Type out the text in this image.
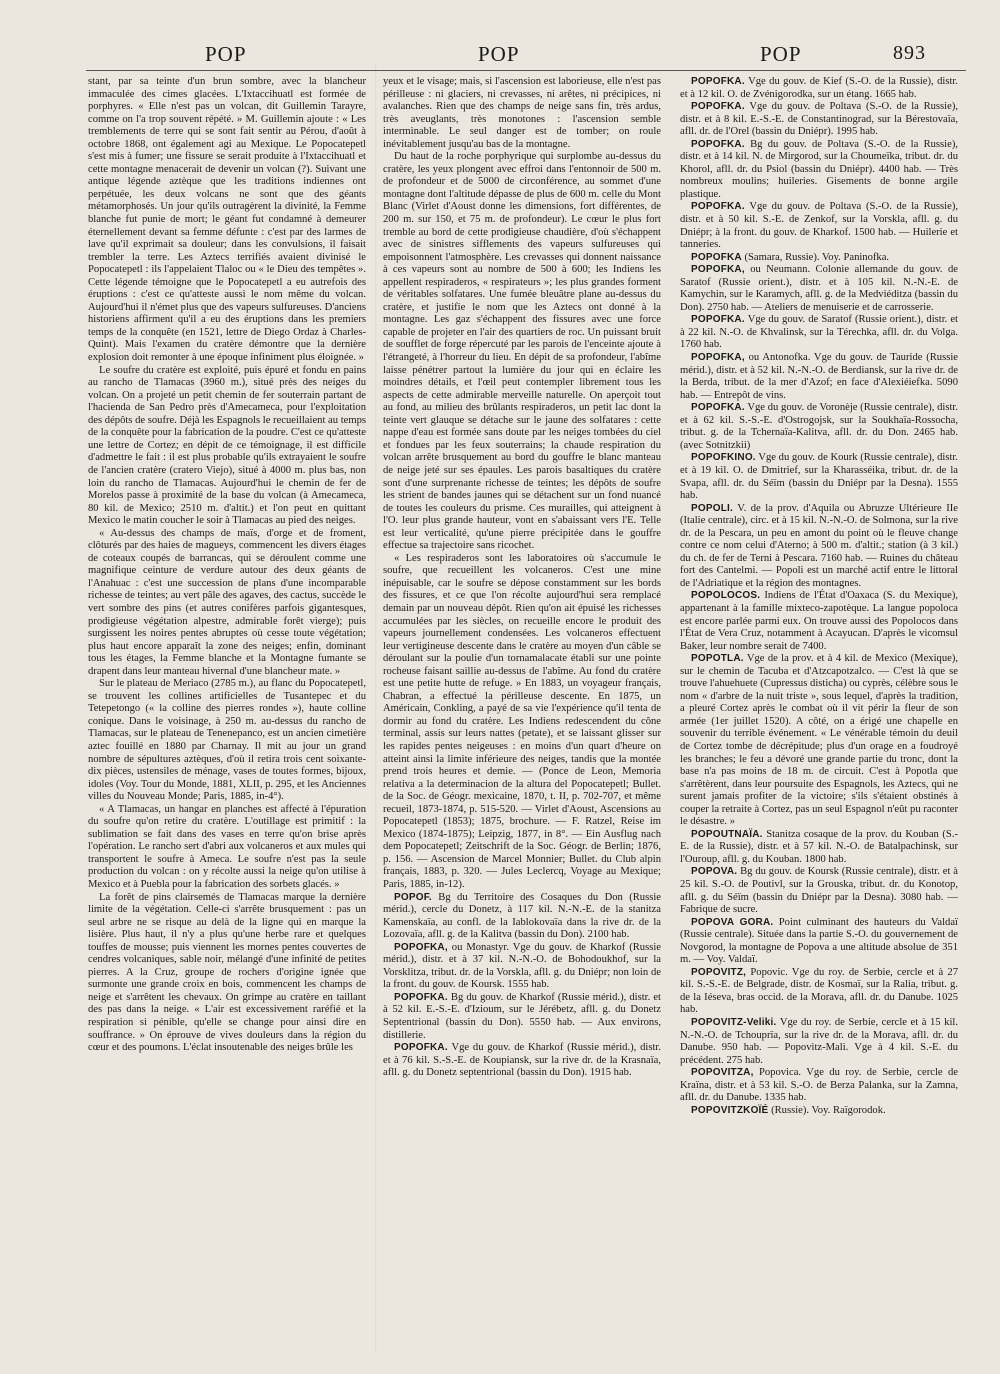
POP	POP	POP	893

stant, par sa teinte d'un brun sombre, avec la blancheur immaculée des cimes glacées. L'Ixtaccihuatl est formée de porphyres. « Elle n'est pas un volcan, dit Guillemin Tarayre, comme on l'a trop souvent répété. » M. Guillemin ajoute : « Les tremblements de terre qui se sont fait sentir au Pérou, d'août à octobre 1868, ont également agi au Mexique. Le Popocatepetl s'est mis à fumer; une fissure se serait produite à l'Ixtaccihuatl et cette montagne menacerait de devenir un volcan (?). Suivant une antique légende aztèque que les traditions indiennes ont perpétuée, les deux volcans ne sont que des géants métamorphosés. Un jour qu'ils outragèrent la divinité, la Femme blanche fut punie de mort; le géant fut condamné à demeurer éternellement devant sa femme défunte : c'est par des larmes de lave qu'il exprimait sa douleur; dans les convulsions, il faisait trembler la terre. Les Aztecs terrifiés avaient divinisé le Popocatepetl : ils l'appelaient Tlaloc ou « le Dieu des tempêtes ». Cette légende témoigne que le Popocatepetl a eu autrefois des éruptions : c'est ce qu'atteste aussi le nom même du volcan. Aujourd'hui il n'émet plus que des vapeurs sulfureuses. D'anciens historiens affirment qu'il a eu des éruptions dans les premiers temps de la conquête (en 1521, lettre de Diego Ordaz à Charles-Quint). Mais l'examen du cratère démontre que la dernière explosion doit remonter à une époque infiniment plus éloignée. »

Le soufre du cratère est exploité, puis épuré et fondu en pains au rancho de Tlamacas (3960 m.), situé près des neiges du volcan. On a projeté un petit chemin de fer souterrain partant de l'hacienda de San Pedro près d'Amecameca, pour l'exploitation des dépôts de soufre. Déjà les Espagnols le recueillaient au temps de la conquête pour la fabrication de la poudre. C'est ce qu'atteste une lettre de Cortez; en dépit de ce témoignage, il est difficile d'admettre le fait : il est plus probable qu'ils extrayaient le soufre de l'ancien cratère (cratero Viejo), situé à 4000 m. plus bas, non loin du rancho de Tlamacas. Aujourd'hui le chemin de fer de Morelos passe à proximité de la base du volcan (à Amecameca, 80 kil. de Mexico; 2510 m. d'altit.) et l'on peut en quittant Mexico le matin coucher le soir à Tlamacas au pied des neiges.

« Au-dessus des champs de maïs, d'orge et de froment, clôturés par des haies de magueys, commencent les divers étages de coteaux coupés de barrancas, qui se déroulent comme une magnifique ceinture de verdure autour des deux géants de l'Anahuac : c'est une succession de plans d'une incomparable richesse de teintes; au vert pâle des agaves, des cactus, succède le vert sombre des pins (et autres conifères parfois gigantesques, prodigieuse végétation alpestre, admirable forêt vierge); puis surgissent les noires pentes abruptes où cesse toute végétation; plus haut encore apparaît la zone des neiges; enfin, dominant tous les étages, la Femme blanche et la Montagne fumante se drapent dans leur manteau hivernal d'une blancheur mate. »

Sur le plateau de Meriaco (2785 m.), au flanc du Popocatepetl, se trouvent les collines artificielles de Tusantepec et du Tetepetongo (« la colline des pierres rondes »), haute colline conique. Dans le voisinage, à 250 m. au-dessus du rancho de Tlamacas, sur le plateau de Tenenepanco, est un ancien cimetière aztec fouillé en 1880 par Charnay. Il mit au jour un grand nombre de sépultures aztèques, d'où il retira trois cent soixante-dix pièces, ustensiles de ménage, vases de toutes formes, bijoux, idoles (Voy. Tour du Monde, 1881, XLII, p. 295, et les Anciennes villes du Nouveau Monde; Paris, 1885, in-4°).

« A Tlamacas, un hangar en planches est affecté à l'épuration du soufre qu'on retire du cratère. L'outillage est primitif : la sublimation se fait dans des vases en terre qu'on brise après l'opération. Le rancho sert d'abri aux volcaneros et aux mules qui transportent le soufre à Ameca. Le soufre n'est pas la seule production du volcan : on y récolte aussi la neige qu'on utilise à Mexico et à Puebla pour la fabrication des sorbets glacés. »

La forêt de pins clairsemés de Tlamacas marque la dernière limite de la végétation. Celle-ci s'arrête brusquement : pas un seul arbre ne se risque au delà de la ligne qui en marque la lisière. Plus haut, il n'y a plus qu'une herbe rare et quelques touffes de mousse; puis viennent les mornes pentes couvertes de cendres volcaniques, sable noir, mélangé d'une infinité de petites pierres. A la Cruz, groupe de rochers d'origine ignée que surmonte une grande croix en bois, commencent les champs de neige et s'arrêtent les chevaux. On grimpe au cratère en taillant des pas dans la neige. « L'air est excessivement raréfié et la respiration si pénible, qu'elle se change pour ainsi dire en souffrance. » On éprouve de vives douleurs dans la région du cœur et des poumons. L'éclat insoutenable des neiges brûle les

yeux et le visage; mais, si l'ascension est laborieuse, elle n'est pas périlleuse : ni glaciers, ni crevasses, ni arêtes, ni précipices, ni avalanches. Rien que des champs de neige sans fin, très ardus, très aveuglants, très monotones : l'ascension semble interminable. Le seul danger est de tomber; on roule inévitablement jusqu'au bas de la montagne.

Du haut de la roche porphyrique qui surplombe au-dessus du cratère, les yeux plongent avec effroi dans l'entonnoir de 500 m. de profondeur et de 5000 de circonférence, au sommet d'une montagne dont l'altitude dépasse de plus de 600 m. celle du Mont Blanc (Virlet d'Aoust donne les dimensions, fort différentes, de 200 m. sur 150, et 75 m. de profondeur). Le cœur le plus fort tremble au bord de cette prodigieuse chaudière, d'où s'échappent avec de sinistres sifflements des vapeurs sulfureuses qui empoisonnent l'atmosphère. Les crevasses qui donnent naissance à ces vapeurs sont au nombre de 500 à 600; les Indiens les appellent respiraderos, « respirateurs »; les plus grandes forment de véritables solfatares. Une fumée bleuâtre plane au-dessus du cratère, et justifie le nom que les Aztecs ont donné à la montagne. Les gaz s'échappent des fissures avec une force capable de projeter en l'air des quartiers de roc. Un puissant bruit de soufflet de forge répercuté par les parois de l'enceinte ajoute à l'étrangeté, à l'horreur du lieu. En dépit de sa profondeur, l'abîme laisse pénétrer partout la lumière du jour qui en éclaire les moindres détails, et l'œil peut contempler librement tous les aspects de cette admirable merveille naturelle. On aperçoit tout au fond, au milieu des brûlants respiraderos, un petit lac dont la teinte vert glauque se détache sur le jaune des solfatares : cette nappe d'eau est formée sans doute par les neiges tombées du ciel et fondues par les feux souterrains; la chaude respiration du volcan arrête brusquement au bord du gouffre le blanc manteau de neige jeté sur ses épaules. Les parois basaltiques du cratère sont d'une surprenante richesse de teintes; les dépôts de soufre les strient de bandes jaunes qui se détachent sur un fond nuancé de toutes les couleurs du prisme. Ces murailles, qui atteignent à l'O. leur plus grande hauteur, vont en s'abaissant vers l'E. Telle est leur verticalité, qu'une pierre précipitée dans le gouffre effectue sa trajectoire sans ricochet.

« Les respiraderos sont les laboratoires où s'accumule le soufre, que recueillent les volcaneros. C'est une mine inépuisable, car le soufre se dépose constamment sur les bords des fissures, et ce que l'on récolte aujourd'hui sera remplacé demain par un nouveau dépôt. Rien qu'on ait épuisé les richesses accumulées par les siècles, on recueille encore le produit des vapeurs journellement condensées. Les volcaneros effectuent leur vertigineuse descente dans le cratère au moyen d'un câble se déroulant sur la poulie d'un tornamalacate établi sur une pointe rocheuse faisant saillie au-dessus de l'abîme. Au fond du cratère est une petite hutte de refuge. » En 1883, un voyageur français, Chabran, a effectué la périlleuse descente. En 1875, un Américain, Conkling, a payé de sa vie l'expérience qu'il tenta de dormir au fond du cratère. Les Indiens redescendent du cône terminal, assis sur leurs nattes (petate), et se laissant glisser sur les rapides pentes neigeuses : en moins d'un quart d'heure on atteint ainsi la limite inférieure des neiges, tandis que la montée prend trois heures et demie. — (Ponce de Leon, Memoria relativa a la determinacion de la altura del Popocatepetl; Bullet. de la Soc. de Géogr. mexicaine, 1870, t. II, p. 702-707, et même recueil, 1873-1874, p. 515-520. — Virlet d'Aoust, Ascensions au Popocatepetl (1853); 1875, brochure. — F. Ratzel, Reise im Mexico (1874-1875); Leipzig, 1877, in 8°. — Ein Ausflug nach dem Popocatepetl; Zeitschrift de la Soc. Géogr. de Berlin; 1876, p. 156. — Ascension de Marcel Monnier; Bullet. du Club alpin français, 1883, p. 320. — Jules Leclercq, Voyage au Mexique; Paris, 1885, in-12).

POPOF. Bg du Territoire des Cosaques du Don (Russie mérid.), cercle du Donetz, à 117 kil. N.-N.-E. de la stanitza Kamenskaïa, au confl. de la Iablokovaïa dans la rive dr. de la Lozovaïa, afll. g. de la Kalitva (bassin du Don). 2100 hab.

POPOFKA, ou Monastyr. Vge du gouv. de Kharkof (Russie mérid.), distr. et à 37 kil. N.-N.-O. de Bohodoukhof, sur la Vorsklitza, tribut. dr. de la Vorskla, afll. g. du Dniépr; non loin de la front. du gouv. de Koursk. 1555 hab.

POPOFKA. Bg du gouv. de Kharkof (Russie mérid.), distr. et à 52 kil. E.-S.-E. d'Izioum, sur le Jérébetz, afll. g. du Donetz Septentrional (bassin du Don). 5550 hab. — Aux environs, distillerie.

POPOFKA. Vge du gouv. de Kharkof (Russie mérid.), distr. et à 76 kil. S.-S.-E. de Koupiansk, sur la rive dr. de la Krasnaïa, afll. g. du Donetz septentrional (bassin du Don). 1915 hab.

POPOFKA. Vge du gouv. de Kief (S.-O. de la Russie), distr. et à 12 kil. O. de Zvénigorodka, sur un étang. 1665 hab.

POPOFKA. Vge du gouv. de Poltava (S.-O. de la Russie), distr. et à 8 kil. E.-S.-E. de Constantinograd, sur la Bérestovaïa, afll. dr. de l'Orel (bassin du Dniépr). 1995 hab.

POPOFKA. Bg du gouv. de Poltava (S.-O. de la Russie), distr. et à 14 kil. N. de Mirgorod, sur la Choumeïka, tribut. dr. du Khorol, afll. dr. du Psiol (bassin du Dniépr). 4400 hab. — Très nombreux moulins; huileries. Gisements de bonne argile plastique.

POPOFKA. Vge du gouv. de Poltava (S.-O. de la Russie), distr. et à 50 kil. S.-E. de Zenkof, sur la Vorskla, afll. g. du Dniépr; à la front. du gouv. de Kharkof. 1500 hab. — Huilerie et tanneries.

POPOFKA (Samara, Russie). Voy. Paninofka.

POPOFKA, ou Neumann. Colonie allemande du gouv. de Saratof (Russie orient.), distr. et à 105 kil. N.-N.-E. de Kamychin, sur le Karamych, afll. g. de la Medviéditza (bassin du Don). 2750 hab. — Ateliers de menuiserie et de carrosserie.

POPOFKA. Vge du gouv. de Saratof (Russie orient.), distr. et à 22 kil. N.-O. de Khvalinsk, sur la Térechka, afll. dr. du Volga. 1760 hab.

POPOFKA, ou Antonofka. Vge du gouv. de Tauride (Russie mérid.), distr. et à 52 kil. N.-N.-O. de Berdiansk, sur la rive dr. de la Berda, tribut. de la mer d'Azof; en face d'Alexiéiefka. 5090 hab. — Entrepôt de vins.

POPOFKA. Vge du gouv. de Voronèje (Russie centrale), distr. et à 62 kil. S.-S.-E. d'Ostrogojsk, sur la Soukhaïa-Rossocha, tribut. g. de la Tchernaïa-Kalitva, afll. dr. du Don. 2465 hab. (avec Sotnitzkii)

POPOFKINO. Vge du gouv. de Kourk (Russie centrale), distr. et à 19 kil. O. de Dmitrief, sur la Kharasséika, tribut. dr. de la Svapa, afll. dr. du Séïm (bassin du Dniépr par la Desna). 1555 hab.

POPOLI. V. de la prov. d'Aquila ou Abruzze Ultérieure IIe (Italie centrale), circ. et à 15 kil. N.-N.-O. de Solmona, sur la rive dr. de la Pescara, un peu en amont du point où le fleuve change contre ce nom celui d'Aterno; à 500 m. d'altit.; station (à 3 kil.) du ch. de fer de Terni à Pescara. 7160 hab. — Ruines du château fort des Cantelmi. — Popoli est un marché actif entre le littoral de l'Adriatique et la région des montagnes.

POPOLOCOS. Indiens de l'État d'Oaxaca (S. du Mexique), appartenant à la famille mixteco-zapotèque. La langue popoloca est encore parlée parmi eux. On trouve aussi des Popolocos dans l'État de Vera Cruz, notamment à Acayucan. D'après le vicomsul Baker, leur nombre serait de 7400.

POPOTLA. Vge de la prov. et à 4 kil. de Mexico (Mexique), sur le chemin de Tacuba et d'Atzcapotzalco. — C'est là que se trouve l'ahuehuete (Cupressus disticha) ou cyprès, célèbre sous le nom « d'arbre de la nuit triste », sous lequel, d'après la tradition, a pleuré Cortez après le combat où il vit périr la fleur de son armée (1er juillet 1520). A côté, on a érigé une chapelle en souvenir du terrible événement. « Le vénérable témoin du deuil de Cortez tombe de décrépitude; plus d'un orage en a foudroyé les branches; le feu a dévoré une grande partie du tronc, dont la base n'a pas moins de 18 m. de circuit. C'est à Popotla que s'arrêtèrent, dans leur poursuite des Espagnols, les Aztecs, qui ne surent jamais profiter de la victoire; s'ils s'étaient obstinés à couper la retraite à Cortez, pas un seul Espagnol n'eût pu raconter le désastre. »

POPOUTNAÏA. Stanitza cosaque de la prov. du Kouban (S.-E. de la Russie), distr. et à 57 kil. N.-O. de Batalpachinsk, sur l'Ouroup, afll. g. du Kouban. 1800 hab.

POPOVA. Bg du gouv. de Koursk (Russie centrale), distr. et à 25 kil. S.-O. de Poutivl, sur la Grouska, tribut. dr. du Konotop, afll. g. du Séïm (bassin du Dniépr par la Desna). 3080 hab. — Fabrique de sucre.

POPOVA GORA. Point culminant des hauteurs du Valdaï (Russie centrale). Située dans la partie S.-O. du gouvernement de Novgorod, la montagne de Popova a une altitude absolue de 351 m. — Voy. Valdaï.

POPOVITZ, Popovic. Vge du roy. de Serbie, cercle et à 27 kil. S.-S.-E. de Belgrade, distr. de Kosmaï, sur la Ralia, tribut. g. de la Iéseva, bras occid. de la Morava, afll. dr. du Danube. 1025 hab.

POPOVITZ-Veliki. Vge du roy. de Serbie, cercle et à 15 kil. N.-N.-O. de Tchouprïa, sur la rive dr. de la Morava, afll. dr. du Danube. 950 hab. — Popovitz-Mali. Vge à 4 kil. S.-E. du précédent. 275 hab.

POPOVITZA, Popovica. Vge du roy. de Serbie, cercle de Kraïna, distr. et à 53 kil. S.-O. de Berza Palanka, sur la Zamna, afll. dr. du Danube. 1335 hab.

POPOVITZKOÏÉ (Russie). Voy. Raïgorodok.
